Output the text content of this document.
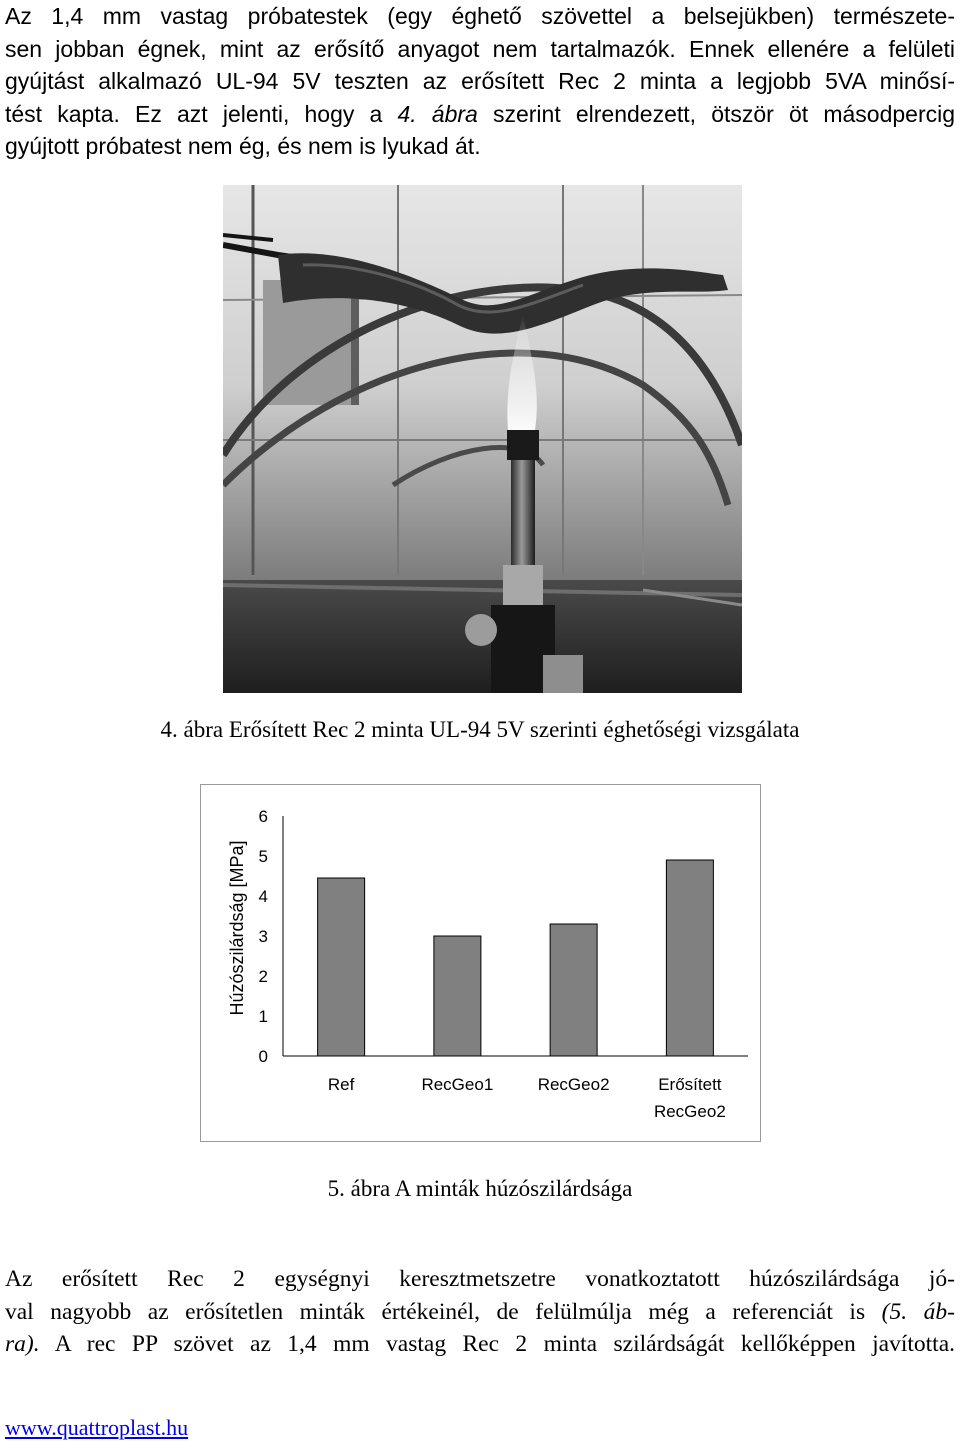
Az 1,4 mm vastag próbatestek (egy éghető szövettel a belsejükben) természete-
sen jobban égnek, mint az erősítő anyagot nem tartalmazók. Ennek ellenére a felületi
gyújtást alkalmazó UL-94 5V teszten az erősített Rec 2 minta a legjobb 5VA minősí-
tést kapta. Ez azt jelenti, hogy a 4. ábra szerint elrendezett, ötször öt másodpercig
gyújtott próbatest nem ég, és nem is lyukad át.
4. ábra Erősített Rec 2 minta UL-94 5V szerinti éghetőségi vizsgálata
Húzószilárdság [MPa]
0
1
2
3
4
5
6
Ref	RecGeo1	RecGeo2	Erősített
RecGeo2
5. ábra A minták húzószilárdsága
Az erősített Rec 2 egységnyi keresztmetszetre vonatkoztatott húzószilárdsága jó-
val nagyobb az erősítetlen minták értékeinél, de felülmúlja még a referenciát is (5. áb-
ra). A rec PP szövet az 1,4 mm vastag Rec 2 minta szilárdságát kellőképpen javította.
www.quattroplast.hu
